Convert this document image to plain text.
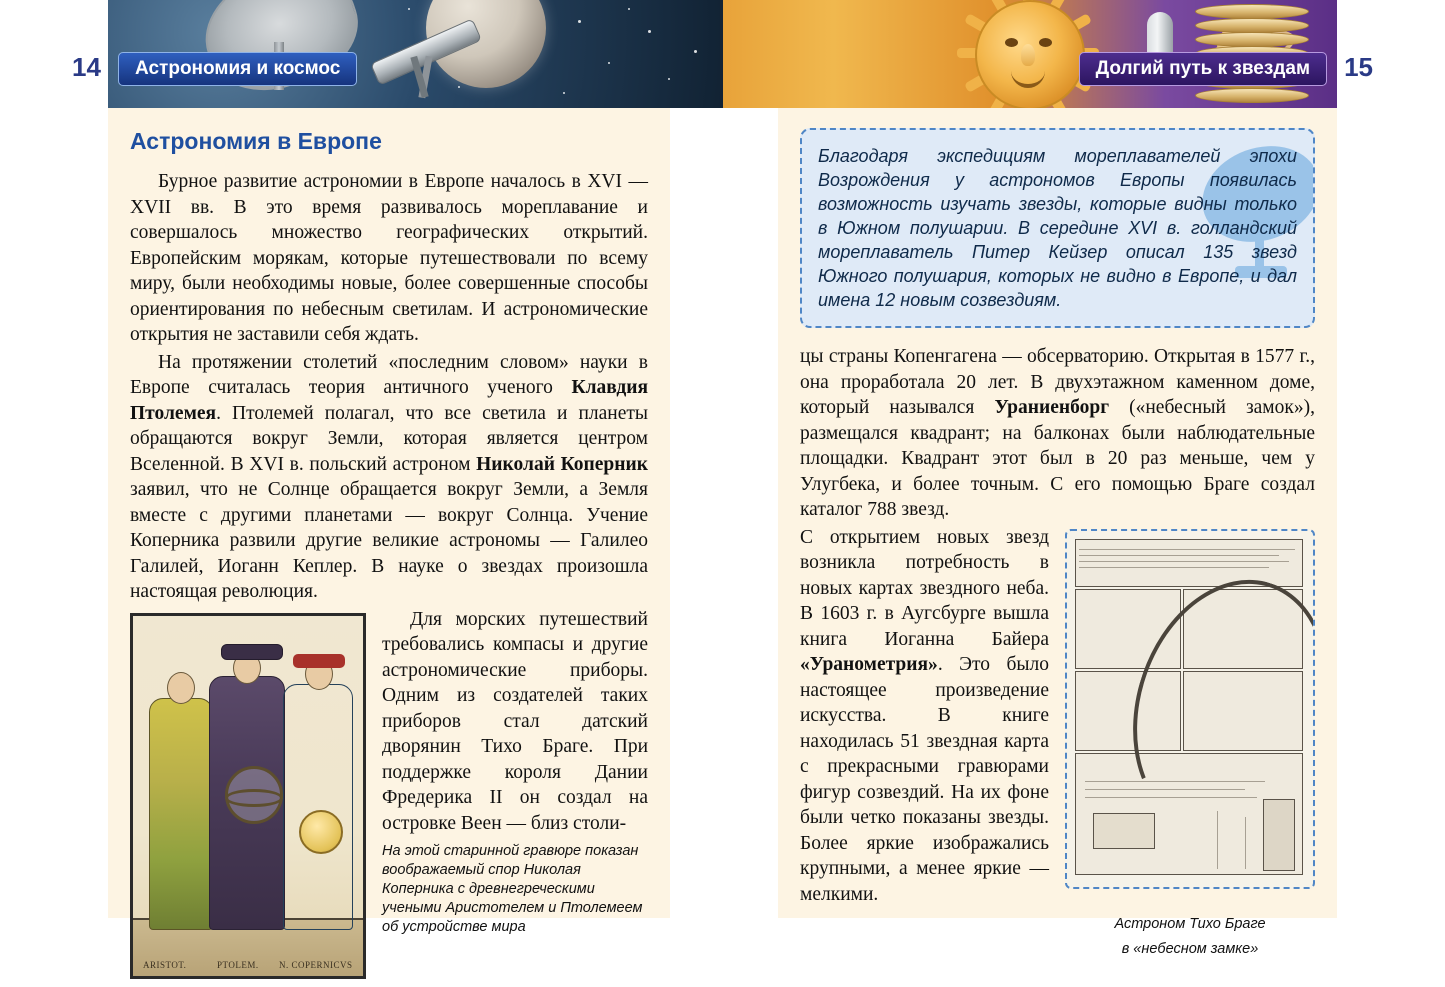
14	15
Астрономия и космос	Долгий путь к звездам
Астрономия в Европе

Бурное развитие астрономии в Европе началось в XVI — XVII вв. В это время развивалось мореплавание и совершалось множество географических открытий. Европейским морякам, которые путешествовали по всему миру, были необходимы новые, более совершенные способы ориентирования по небесным светилам. И астрономические открытия не заставили себя ждать.

На протяжении столетий «последним словом» науки в Европе считалась теория античного ученого Клавдия Птолемея. Птолемей полагал, что все светила и планеты обращаются вокруг Земли, которая является центром Вселенной. В XVI в. польский астроном Николай Коперник заявил, что не Солнце обращается вокруг Земли, а Земля вместе с другими планетами — вокруг Солнца. Учение Коперника развили другие великие астрономы — Галилео Галилей, Иоганн Кеплер. В науке о звездах произошла настоящая революция.

ARISTOT.	PTOLEM. N. COPERNICVS

Для морских путешествий требовались компасы и другие астрономические приборы. Одним из создателей таких приборов стал датский дворянин Тихо Браге. При поддержке короля Дании Фредерика II он создал на островке Веен — близ столи-

На этой старинной гравюре показан воображаемый спор Николая Коперника с древнегреческими учеными Аристотелем и Птолемеем об устройстве мира

Благодаря экспедициям мореплавателей эпохи Возрождения у астрономов Европы появилась возможность изучать звезды, которые видны только в Южном полушарии. В середине XVI в. голландский мореплаватель Питер Кейзер описал 135 звезд Южного полушария, которых не видно в Европе, и дал имена 12 новым созвездиям.

цы страны Копенгагена — обсерваторию. Открытая в 1577 г., она проработала 20 лет. В двухэтажном каменном доме, который назывался Ураниенборг («небесный замок»), размещался квадрант; на балконах были наблюдательные площадки. Квадрант этот был в 20 раз меньше, чем у Улугбека, и более точным. С его помощью Браге создал каталог 788 звезд.

С открытием новых звезд возникла потребность в новых картах звездного неба. В 1603 г. в Аугсбурге вышла книга Иоганна Байера «Уранометрия». Это было настоящее произведение искусства. В книге находилась 51 звездная карта с прекрасными гравюрами фигур созвездий. На их фоне были четко показаны звезды. Более яркие изображались крупными, а менее яркие — мелкими.

Астроном Тихо Браге
в «небесном замке»
